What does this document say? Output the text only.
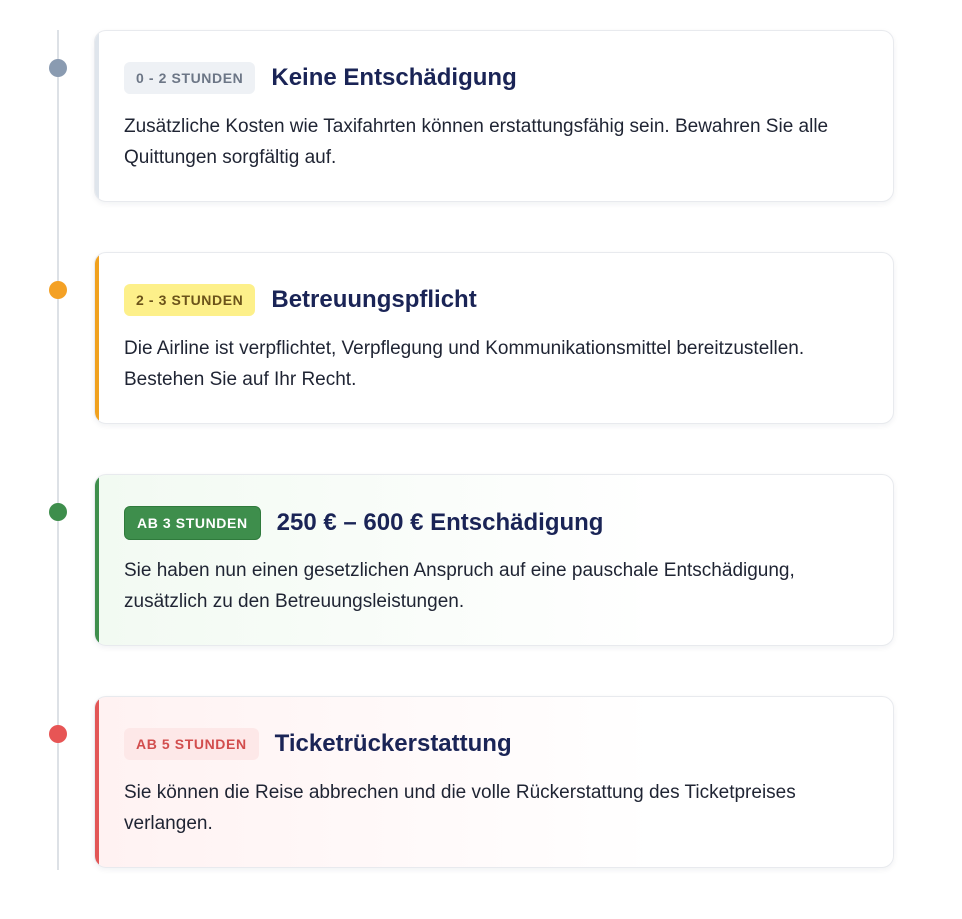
0 - 2 STUNDEN	Keine Entschädigung

Zusätzliche Kosten wie Taxifahrten können erstattungsfähig sein. Bewahren Sie alle Quittungen sorgfältig auf.

2 - 3 STUNDEN	Betreuungspflicht

Die Airline ist verpflichtet, Verpflegung und Kommunikationsmittel bereitzustellen. Bestehen Sie auf Ihr Recht.

AB 3 STUNDEN	250 € – 600 € Entschädigung

Sie haben nun einen gesetzlichen Anspruch auf eine pauschale Entschädigung, zusätzlich zu den Betreuungsleistungen.

AB 5 STUNDEN	Ticketrückerstattung

Sie können die Reise abbrechen und die volle Rückerstattung des Ticketpreises verlangen.
